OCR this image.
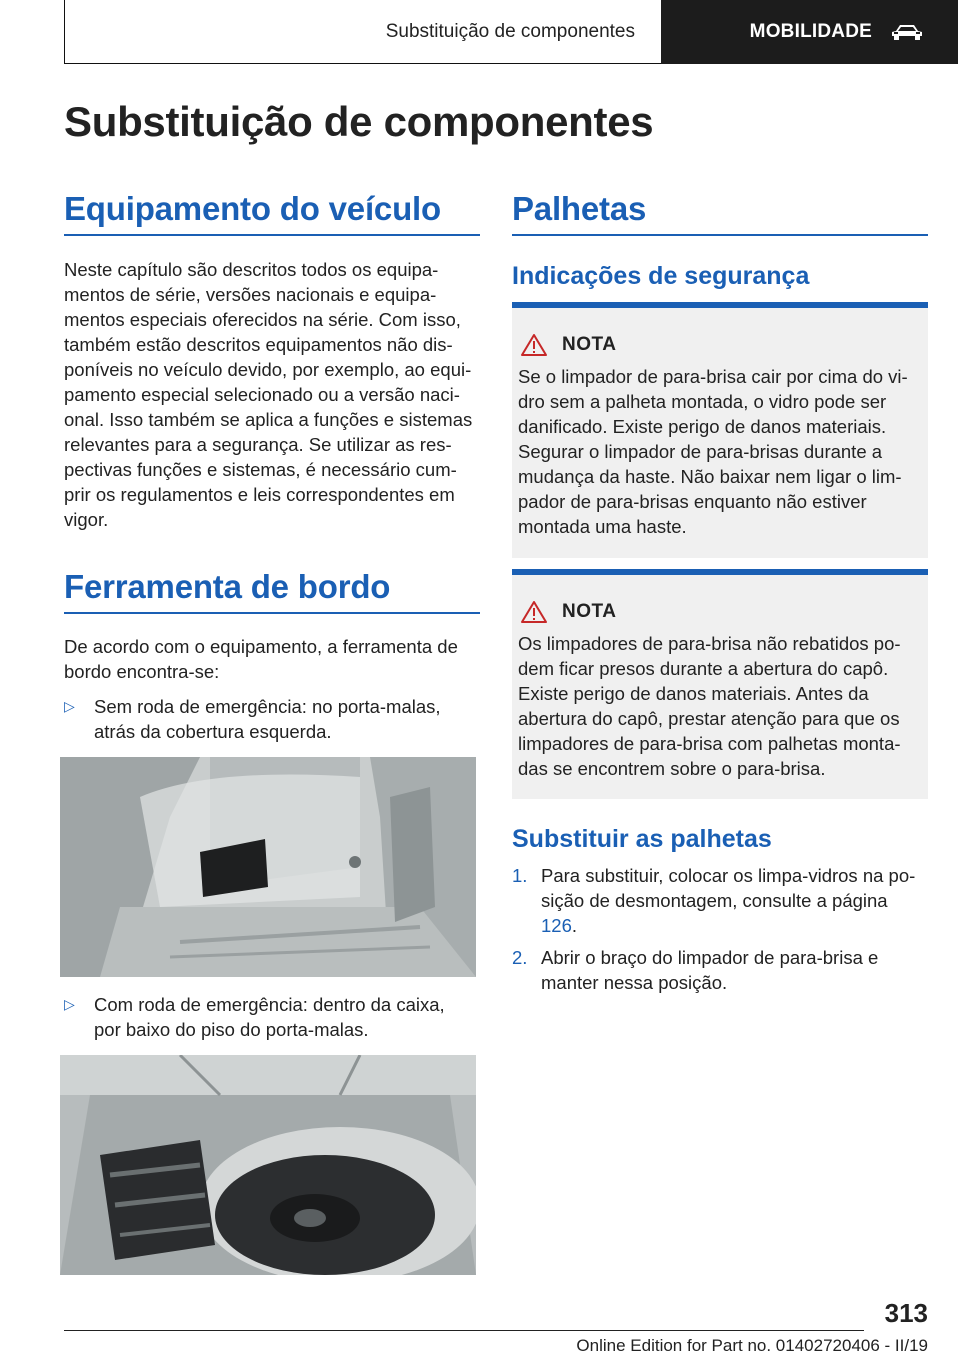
Substituição de componentes	MOBILIDADE
Substituição de componentes
Equipamento do veículo
Neste capítulo são descritos todos os equipa-
mentos de série, versões nacionais e equipa-
mentos especiais oferecidos na série. Com isso,
também estão descritos equipamentos não dis-
poníveis no veículo devido, por exemplo, ao equi-
pamento especial selecionado ou a versão naci-
onal. Isso também se aplica a funções e sistemas
relevantes para a segurança. Se utilizar as res-
pectivas funções e sistemas, é necessário cum-
prir os regulamentos e leis correspondentes em
vigor.
Ferramenta de bordo
De acordo com o equipamento, a ferramenta de
bordo encontra-se:
▷ Sem roda de emergência: no porta-malas,
atrás da cobertura esquerda.
▷ Com roda de emergência: dentro da caixa,
por baixo do piso do porta-malas.
Palhetas
Indicações de segurança
NOTA
Se o limpador de para-brisa cair por cima do vi-
dro sem a palheta montada, o vidro pode ser
danificado. Existe perigo de danos materiais.
Segurar o limpador de para-brisas durante a
mudança da haste. Não baixar nem ligar o lim-
pador de para-brisas enquanto não estiver
montada uma haste.
NOTA
Os limpadores de para-brisa não rebatidos po-
dem ficar presos durante a abertura do capô.
Existe perigo de danos materiais. Antes da
abertura do capô, prestar atenção para que os
limpadores de para-brisa com palhetas monta-
das se encontrem sobre o para-brisa.
Substituir as palhetas
1. Para substituir, colocar os limpa-vidros na po-
sição de desmontagem, consulte a página
126.
2. Abrir o braço do limpador de para-brisa e
manter nessa posição.
313
Online Edition for Part no. 01402720406 - II/19
